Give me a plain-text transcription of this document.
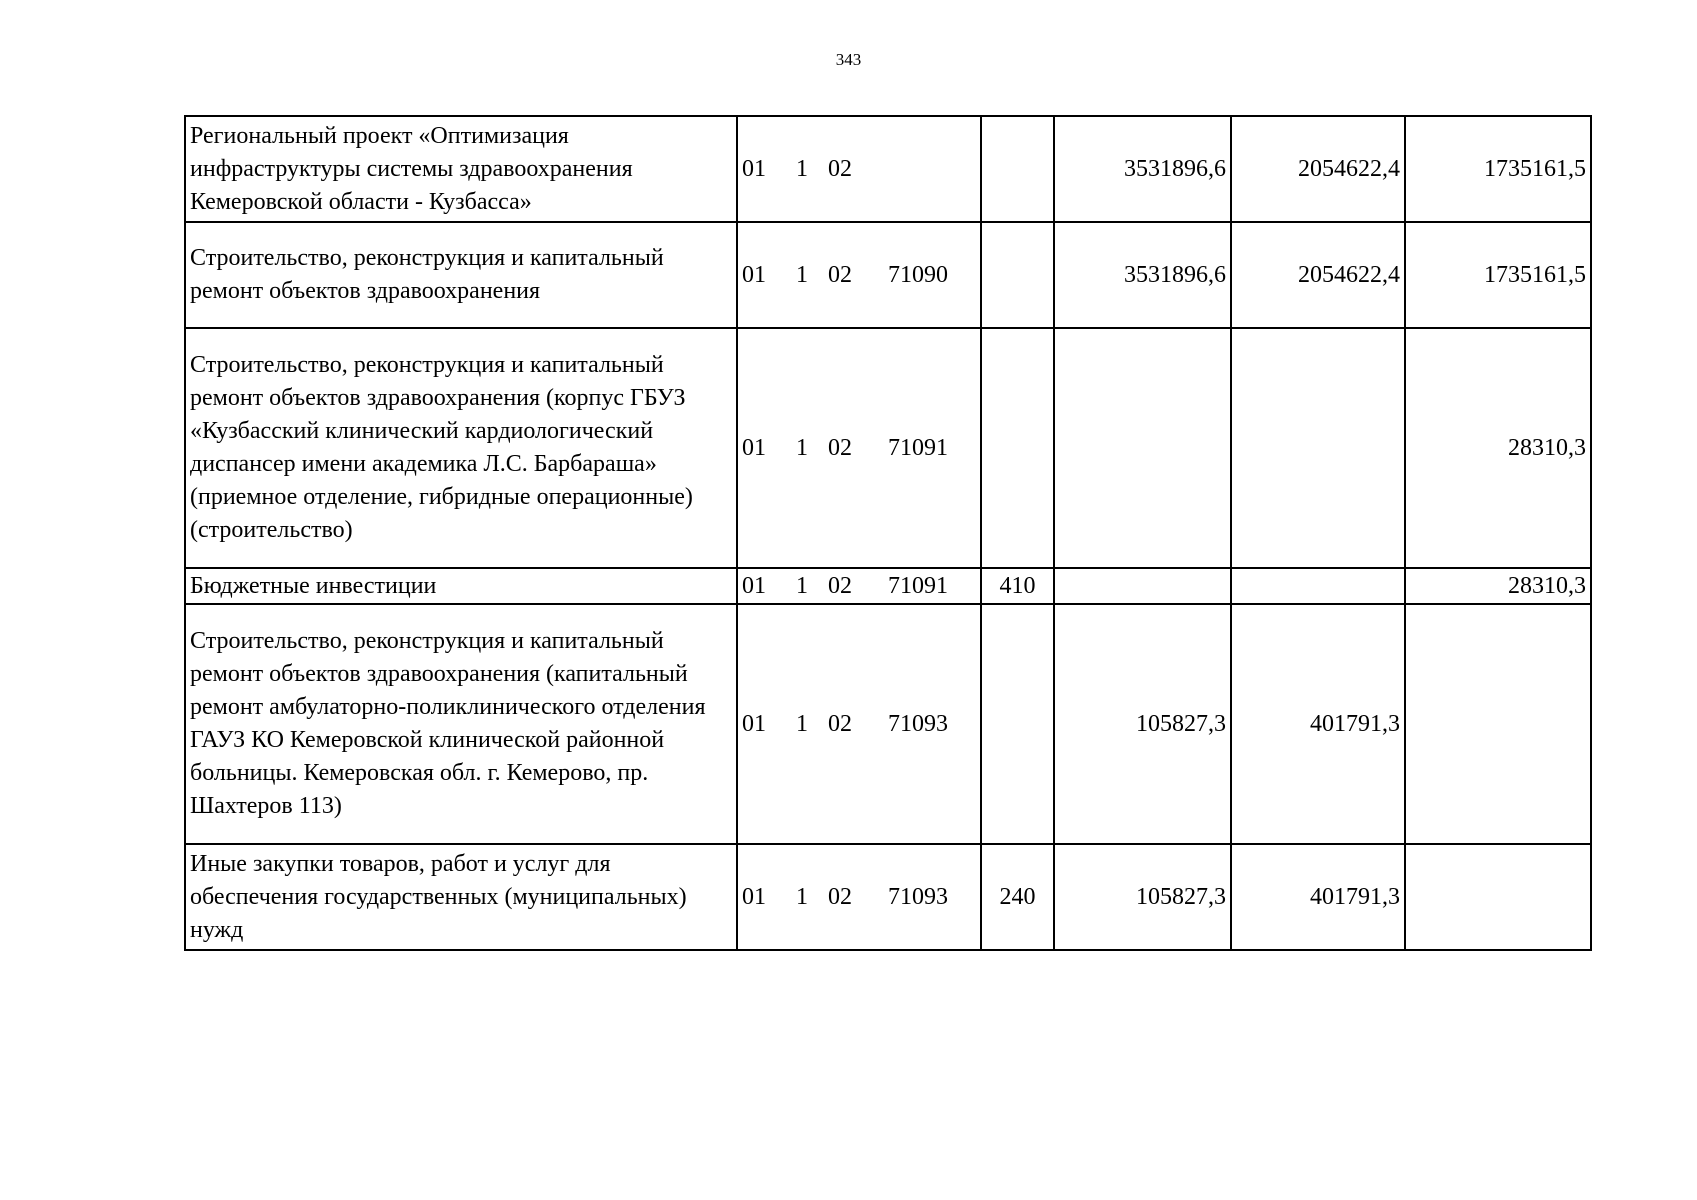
343
Региональный проект «Оптимизация инфраструктуры системы здравоохранения Кемеровской области - Кузбасса»	01 1 02		3531896,6	2054622,4	1735161,5
Строительство, реконструкция и капитальный ремонт объектов здравоохранения	01 1 02 71090		3531896,6	2054622,4	1735161,5
Строительство, реконструкция и капитальный ремонт объектов здравоохранения (корпус ГБУЗ «Кузбасский клинический кардиологический диспансер имени академика Л.С. Барбараша» (приемное отделение, гибридные операционные) (строительство)	01 1 02 71091				28310,3
Бюджетные инвестиции	01 1 02 71091	410			28310,3
Строительство, реконструкция и капитальный ремонт объектов здравоохранения (капитальный ремонт амбулаторно-поликлинического отделения ГАУЗ КО Кемеровской клинической районной больницы. Кемеровская обл. г. Кемерово, пр. Шахтеров 113)	01 1 02 71093		105827,3	401791,3	
Иные закупки товаров, работ и услуг для обеспечения государственных (муниципальных) нужд	01 1 02 71093	240	105827,3	401791,3	
